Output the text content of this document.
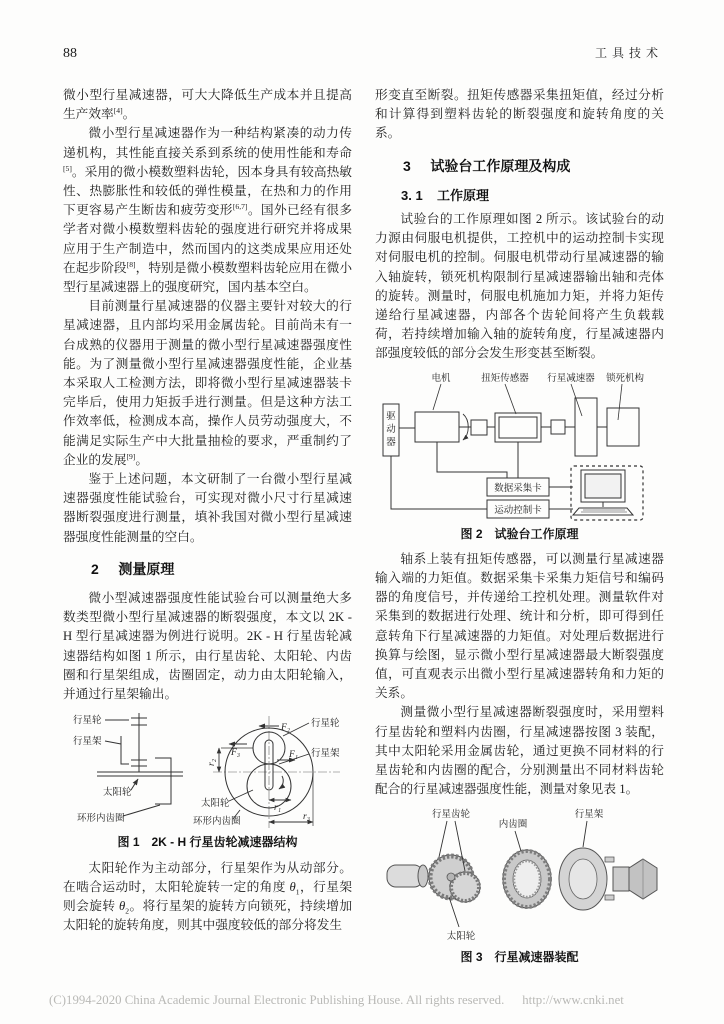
88	工具技术

微小型行星减速器，可大大降低生产成本并且提高生产效率[4]。

微小型行星减速器作为一种结构紧凑的动力传递机构，其性能直接关系到系统的使用性能和寿命[5]。采用的微小模数塑料齿轮，因本身具有较高热敏性、热膨胀性和较低的弹性模量，在热和力的作用下更容易产生断齿和疲劳变形[6,7]。国外已经有很多学者对微小模数塑料齿轮的强度进行研究并将成果应用于生产制造中，然而国内的这类成果应用还处在起步阶段[8]，特别是微小模数塑料齿轮应用在微小型行星减速器上的强度研究，国内基本空白。

目前测量行星减速器的仪器主要针对较大的行星减速器，且内部均采用金属齿轮。目前尚未有一台成熟的仪器用于测量的微小型行星减速器强度性能。为了测量微小型行星减速器强度性能，企业基本采取人工检测方法，即将微小型行星减速器装卡完毕后，使用力矩扳手进行测量。但是这种方法工作效率低，检测成本高，操作人员劳动强度大，不能满足实际生产中大批量抽检的要求，严重制约了企业的发展[9]。

鉴于上述问题，本文研制了一台微小型行星减速器强度性能试验台，可实现对微小尺寸行星减速器断裂强度进行测量，填补我国对微小型行星减速器强度性能测量的空白。

2 测量原理

微小型减速器强度性能试验台可以测量绝大多数类型微小型行星减速器的断裂强度，本文以 2K - H 型行星减速器为例进行说明。2K - H 行星齿轮减速器结构如图 1 所示，由行星齿轮、太阳轮、内齿圈和行星架组成，齿圈固定，动力由太阳轮输入，并通过行星架输出。

行星轮
行星架
太阳轮
环形内齿圈
F₂
F₃	F₁
行星轮
行星架
太阳轮
环形内齿圈
r₂
r₁
r₃
图 1 2K - H 行星齿轮减速器结构

太阳轮作为主动部分，行星架作为从动部分。在啮合运动时，太阳轮旋转一定的角度 $\theta_1$，行星架则会旋转 $\theta_2$。将行星架的旋转方向锁死，持续增加太阳轮的旋转角度，则其中强度较低的部分将发生

形变直至断裂。扭矩传感器采集扭矩值，经过分析和计算得到塑料齿轮的断裂强度和旋转角度的关系。

3 试验台工作原理及构成
3. 1 工作原理

试验台的工作原理如图 2 所示。该试验台的动力源由伺服电机提供，工控机中的运动控制卡实现对伺服电机的控制。伺服电机带动行星减速器的输入轴旋转，锁死机构限制行星减速器输出轴和壳体的旋转。测量时，伺服电机施加力矩，并将力矩传递给行星减速器，内部各个齿轮间将产生负载载荷，若持续增加输入轴的旋转角度，行星减速器内部强度较低的部分会发生形变甚至断裂。

电机	扭矩传感器 行星减速器 锁死机构
驱
动
器
数据采集卡
运动控制卡
图 2 试验台工作原理

轴系上装有扭矩传感器，可以测量行星减速器输入端的力矩值。数据采集卡采集力矩信号和编码器的角度信号，并传递给工控机处理。测量软件对采集到的数据进行处理、统计和分析，即可得到任意转角下行星减速器的力矩值。对处理后数据进行换算与绘图，显示微小型行星减速器最大断裂强度值，可直观表示出微小型行星减速器转角和力矩的关系。

测量微小型行星减速器断裂强度时，采用塑料行星齿轮和塑料内齿圈，行星减速器按图 3 装配，其中太阳轮采用金属齿轮，通过更换不同材料的行星齿轮和内齿圈的配合，分别测量出不同材料齿轮配合的行星减速器强度性能，测量对象见表 1。

行星齿轮
内齿圈
行星架
太阳轮
图 3 行星减速器装配
(C)1994-2020 China Academic Journal Electronic Publishing House. All rights reserved. http://www.cnki.net
